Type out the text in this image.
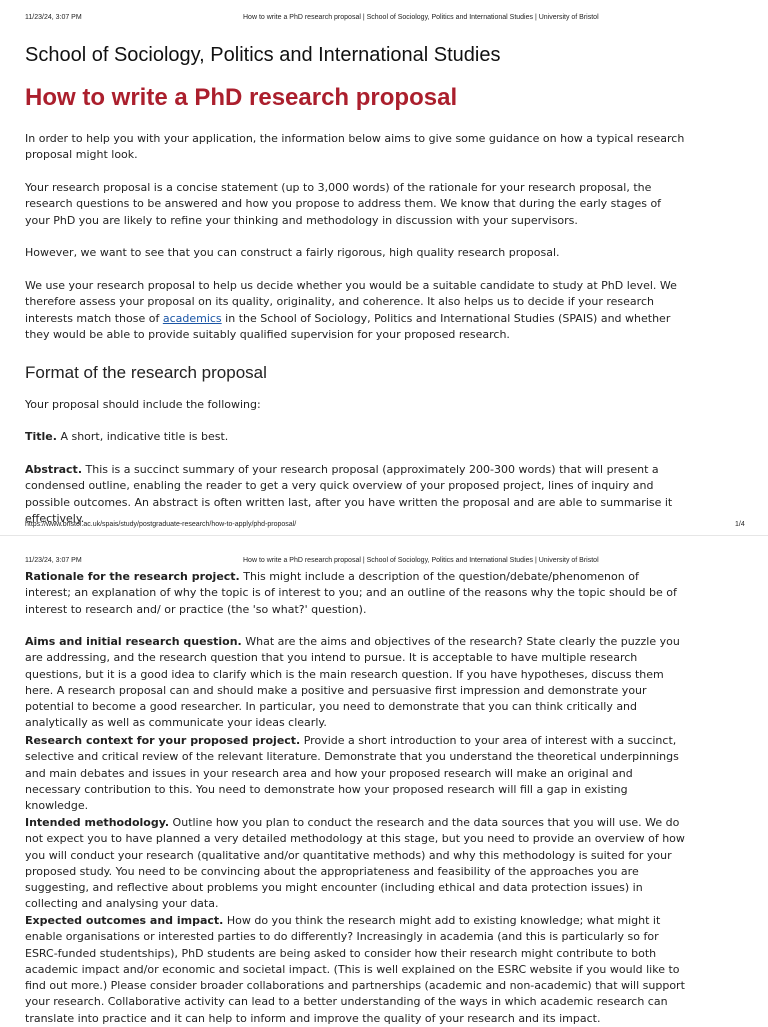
11/23/24, 3:07 PM	How to write a PhD research proposal | School of Sociology, Politics and International Studies | University of Bristol
School of Sociology, Politics and International Studies
How to write a PhD research proposal

In order to help you with your application, the information below aims to give some guidance on how a typical research proposal might look.

Your research proposal is a concise statement (up to 3,000 words) of the rationale for your research proposal, the research questions to be answered and how you propose to address them. We know that during the early stages of your PhD you are likely to refine your thinking and methodology in discussion with your supervisors.

However, we want to see that you can construct a fairly rigorous, high quality research proposal.

We use your research proposal to help us decide whether you would be a suitable candidate to study at PhD level. We therefore assess your proposal on its quality, originality, and coherence. It also helps us to decide if your research interests match those of academics in the School of Sociology, Politics and International Studies (SPAIS) and whether they would be able to provide suitably qualified supervision for your proposed research.

Format of the research proposal

Your proposal should include the following:

Title. A short, indicative title is best.

Abstract. This is a succinct summary of your research proposal (approximately 200-300 words) that will present a condensed outline, enabling the reader to get a very quick overview of your proposed project, lines of inquiry and possible outcomes. An abstract is often written last, after you have written the proposal and are able to summarise it effectively.

https://www.bristol.ac.uk/spais/study/postgraduate-research/how-to-apply/phd-proposal/	1/4
11/23/24, 3:07 PM	How to write a PhD research proposal | School of Sociology, Politics and International Studies | University of Bristol

Rationale for the research project. This might include a description of the question/debate/phenomenon of interest; an explanation of why the topic is of interest to you; and an outline of the reasons why the topic should be of interest to research and/ or practice (the 'so what?' question).

Aims and initial research question. What are the aims and objectives of the research? State clearly the puzzle you are addressing, and the research question that you intend to pursue. It is acceptable to have multiple research questions, but it is a good idea to clarify which is the main research question. If you have hypotheses, discuss them here. A research proposal can and should make a positive and persuasive first impression and demonstrate your potential to become a good researcher. In particular, you need to demonstrate that you can think critically and analytically as well as communicate your ideas clearly.

Research context for your proposed project. Provide a short introduction to your area of interest with a succinct, selective and critical review of the relevant literature. Demonstrate that you understand the theoretical underpinnings and main debates and issues in your research area and how your proposed research will make an original and necessary contribution to this. You need to demonstrate how your proposed research will fill a gap in existing knowledge.

Intended methodology. Outline how you plan to conduct the research and the data sources that you will use. We do not expect you to have planned a very detailed methodology at this stage, but you need to provide an overview of how you will conduct your research (qualitative and/or quantitative methods) and why this methodology is suited for your proposed study. You need to be convincing about the appropriateness and feasibility of the approaches you are suggesting, and reflective about problems you might encounter (including ethical and data protection issues) in collecting and analysing your data.

Expected outcomes and impact. How do you think the research might add to existing knowledge; what might it enable organisations or interested parties to do differently? Increasingly in academia (and this is particularly so for ESRC-funded studentships), PhD students are being asked to consider how their research might contribute to both academic impact and/or economic and societal impact. (This is well explained on the ESRC website if you would like to find out more.) Please consider broader collaborations and partnerships (academic and non-academic) that will support your research. Collaborative activity can lead to a better understanding of the ways in which academic research can translate into practice and it can help to inform and improve the quality of your research and its impact.
